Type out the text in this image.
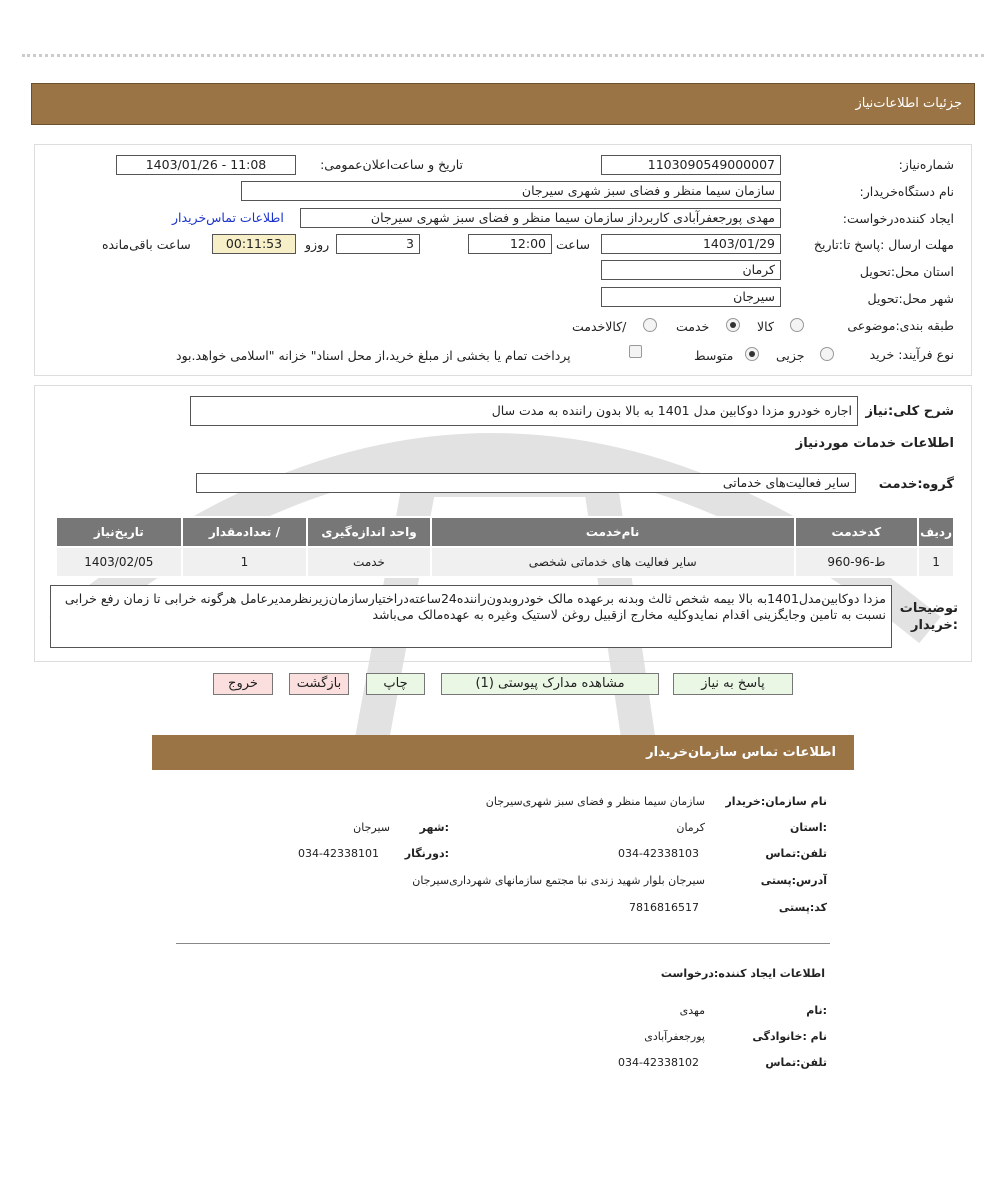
جزئیات اطلاعات‌نیاز
شماره‌نیاز:
1103090549000007
تاریخ و ساعت‌اعلان‌عمومی:
1403/01/26 - 11:08
نام دستگاه‌خریدار:
سازمان سیما منظر و فضای سبز شهری سیرجان
ایجاد کننده‌درخواست:
مهدی پورجعفرآبادی کاربرداز سازمان سیما منظر و فضای سبز شهری سیرجان
اطلاعات تماس‌خریدار
مهلت ارسال :پاسخ تا:تاریخ
1403/01/29
ساعت
12:00
3
روزو
00:11:53
ساعت باقی‌مانده
استان محل:تحویل
کرمان
شهر محل:تحویل
سیرجان
طبقه بندی:موضوعی
کالا
خدمت
/کالاخدمت
نوع فرآیند: خرید
جزیی
متوسط
پرداخت تمام یا بخشی از مبلغ خرید،از محل اسناد" خزانه "اسلامی خواهد.بود
شرح کلی:نیاز
اجاره خودرو مزدا دوکابین مدل 1401 به بالا بدون راننده به مدت سال
اطلاعات خدمات موردنیاز
گروه:خدمت
سایر فعالیت‌های خدماتی
ردیف	کدخدمت	نام‌خدمت	واحد اندازه‌گیری	/ تعدادمقدار	تاریخ‌نیاز
1	ط-96-960	سایر فعالیت های خدماتی شخصی	خدمت	1	1403/02/05
توضیحات :خریدار
مزدا دوکابین‌مدل1401به بالا بیمه شخص ثالث وبدنه برعهده مالک خودروبدون‌راننده24ساعته‌دراختیارسازمان‌زیرنظرمدیرعامل هرگونه خرابی تا زمان رفع خرابی نسبت به تامین وجایگزینی اقدام نمایدوکلیه مخارج ازقبیل روغن لاستیک وغیره به عهده‌مالک می‌باشد
پاسخ به نیاز
مشاهده مدارک پیوستی (1)
چاپ
بازگشت
خروج
اطلاعات تماس سازمان‌خریدار
نام سازمان:خریدار
سازمان سیما منظر و فضای سبز شهری‌سیرجان
:استان
کرمان
:شهر
سیرجان
تلفن:تماس
034-42338103
:دورنگار
034-42338101
آدرس:پستی
سیرجان بلوار شهید زندی نبا مجتمع سازمانهای شهرداری‌سیرجان
کد:پستی
7816816517
اطلاعات ایجاد کننده:درخواست
:نام
مهدی
نام :خانوادگی
پورجعفرآبادی
تلفن:تماس
034-42338102
